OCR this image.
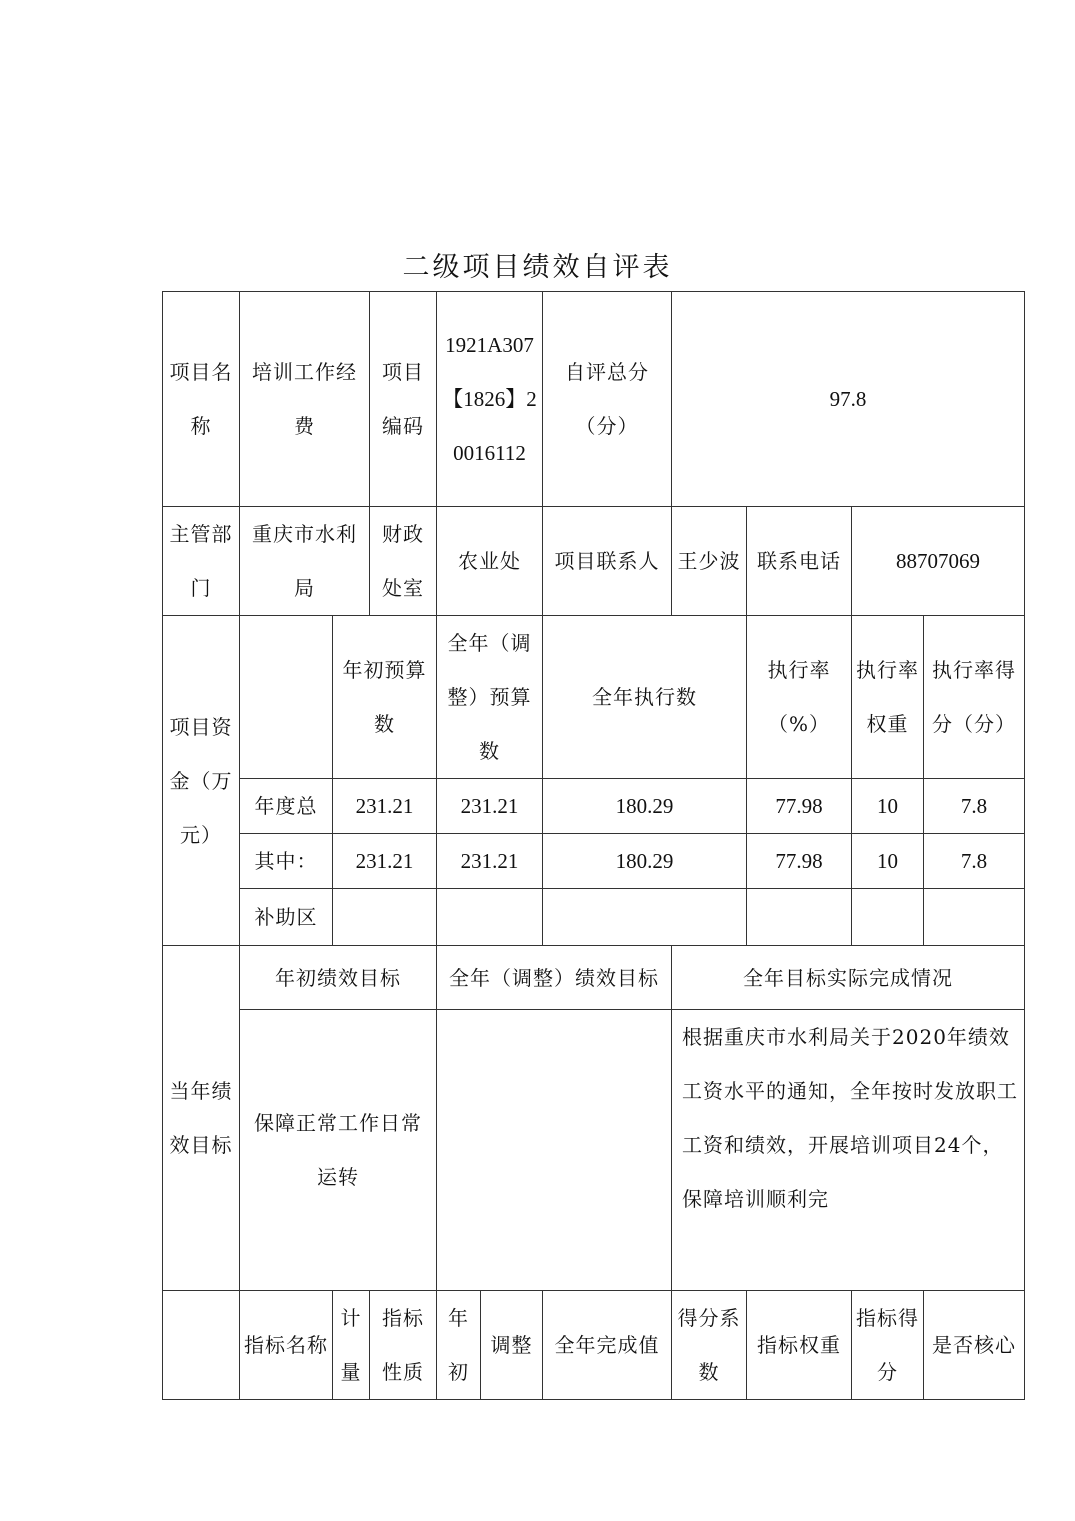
二级项目绩效自评表
项目名称	培训工作经费		项目编码	1921A307【1826】20016112		自评总分（分）	97.8			
主管部门	重庆市水利局		财政处室	农业处		项目联系人	王少波	联系电话	88707069	
项目资金（万元）		年初预算数		全年（调整）预算数		全年执行数		执行率（%）	执行率权重	执行率得分（分）
	年度总	231.21		231.21		180.29		77.98	10	7.8
	其中：	231.21		231.21		180.29		77.98	10	7.8
	补助区									
当年绩效目标	年初绩效目标			全年（调整）绩效目标			全年目标实际完成情况			
	保障正常工作日常运转						根据重庆市水利局关于2020年绩效工资水平的通知，全年按时发放职工工资和绩效，开展培训项目24个，保障培训顺利完			
	指标名称	计量	指标性质	年初	调整	全年完成值	得分系数	指标权重	指标得分	是否核心
